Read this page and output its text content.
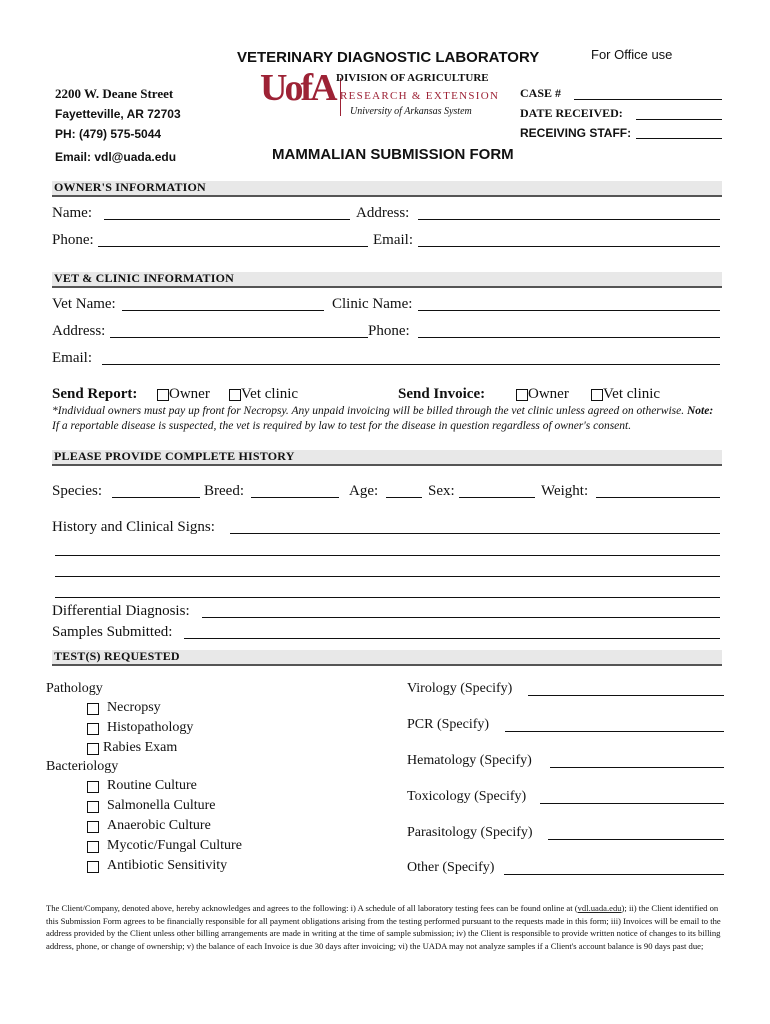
VETERINARY DIAGNOSTIC LABORATORY	For Office use
2200 W. Deane Street
Fayetteville, AR 72703
PH: (479) 575-5044
Email: vdl@uada.edu
UofA DIVISION OF AGRICULTURE
RESEARCH & EXTENSION
University of Arkansas System
CASE #
DATE RECEIVED:
RECEIVING STAFF:
MAMMALIAN SUBMISSION FORM
OWNER'S INFORMATION
Name:	Address:
Phone:	Email:
VET & CLINIC INFORMATION
Vet Name:	Clinic Name:
Address:	Phone:
Email:
Send Report: Owner Vet clinic	Send Invoice:	Owner Vet clinic
*Individual owners must pay up front for Necropsy. Any unpaid invoicing will be billed through the vet clinic unless agreed on otherwise. Note: If a reportable disease is suspected, the vet is required by law to test for the disease in question regardless of owner's consent.
PLEASE PROVIDE COMPLETE HISTORY
Species:	Breed:	Age:	Sex:	Weight:
History and Clinical Signs:
Differential Diagnosis:
Samples Submitted:
TEST(S) REQUESTED
Pathology
Necropsy
Histopathology
Rabies Exam
Bacteriology
Routine Culture
Salmonella Culture
Anaerobic Culture
Mycotic/Fungal Culture
Antibiotic Sensitivity
Virology (Specify)
PCR (Specify)
Hematology (Specify)
Toxicology (Specify)
Parasitology (Specify)
Other (Specify)
The Client/Company, denoted above, hereby acknowledges and agrees to the following: i) A schedule of all laboratory testing fees can be found online at (vdl.uada.edu); ii) the Client identified on this Submission Form agrees to be financially responsible for all payment obligations arising from the testing performed pursuant to the requests made in this form; iii) Invoices will be email to the address provided by the Client unless other billing arrangements are made in writing at the time of sample submission; iv) the Client is responsible to provide written notice of changes to its billing address, phone, or change of ownership; v) the balance of each Invoice is due 30 days after invoicing; vi) the UADA may not analyze samples if a Client's account balance is 90 days past due;
